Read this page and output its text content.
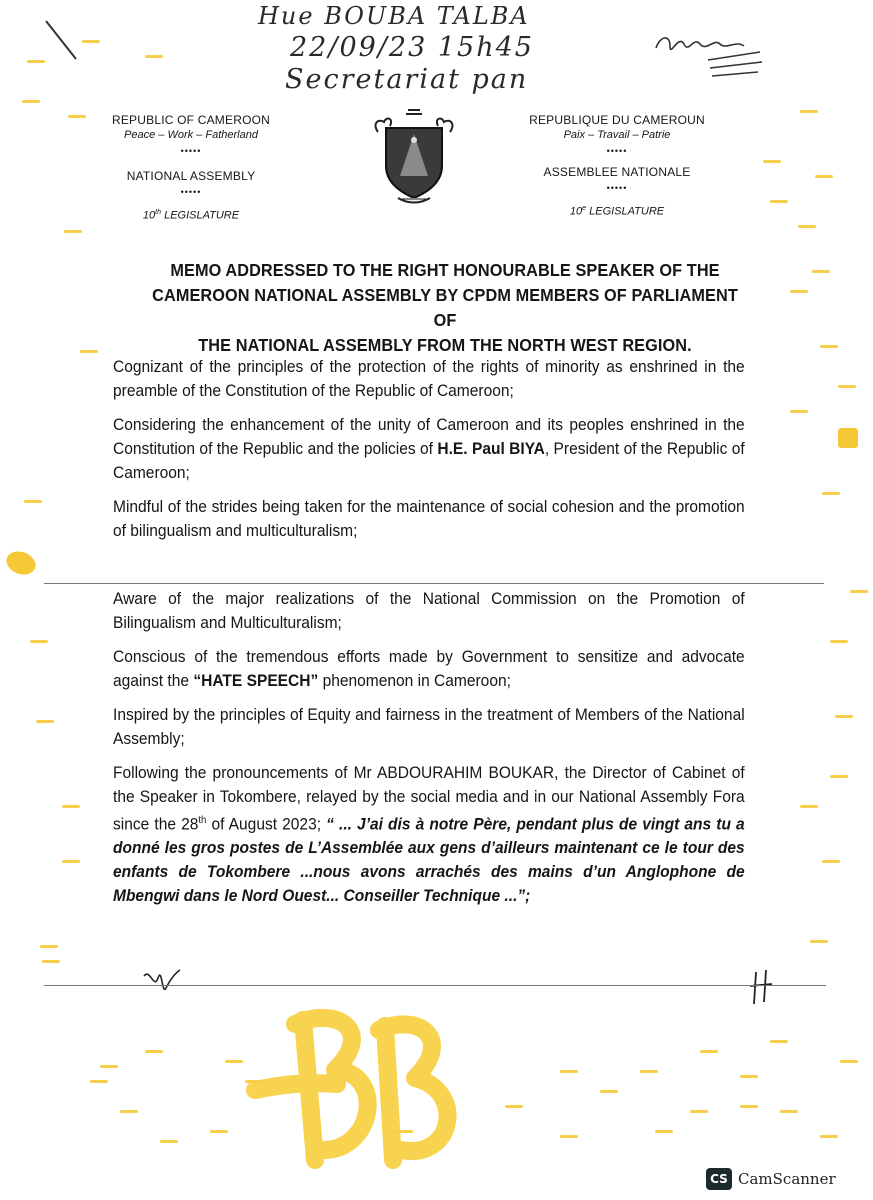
Hue BOUBA TALBA
22/09/23 15h45
Secretariat pan
REPUBLIC OF CAMEROON
Peace – Work – Fatherland
•••••
NATIONAL ASSEMBLY
•••••
10th LEGISLATURE
REPUBLIQUE DU CAMEROUN
Paix – Travail – Patrie
•••••
ASSEMBLEE NATIONALE
•••••
10e LEGISLATURE
MEMO ADDRESSED TO THE RIGHT HONOURABLE SPEAKER OF THE
CAMEROON NATIONAL ASSEMBLY BY CPDM MEMBERS OF PARLIAMENT OF
THE NATIONAL ASSEMBLY FROM THE NORTH WEST REGION.

Cognizant of the principles of the protection of the rights of minority as enshrined in the preamble of the Constitution of the Republic of Cameroon;

Considering the enhancement of the unity of Cameroon and its peoples enshrined in the Constitution of the Republic and the policies of H.E. Paul BIYA, President of the Republic of Cameroon;

Mindful of the strides being taken for the maintenance of social cohesion and the promotion of bilingualism and multiculturalism;

Aware of the major realizations of the National Commission on the Promotion of Bilingualism and Multiculturalism;

Conscious of the tremendous efforts made by Government to sensitize and advocate against the “HATE SPEECH” phenomenon in Cameroon;

Inspired by the principles of Equity and fairness in the treatment of Members of the National Assembly;

Following the pronouncements of Mr ABDOURAHIM BOUKAR, the Director of Cabinet of the Speaker in Tokombere, relayed by the social media and in our National Assembly Fora since the 28th of August 2023; “ ... J’ai dis à notre Père, pendant plus de vingt ans tu a donné les gros postes de L’Assemblée aux gens d’ailleurs maintenant ce le tour des enfants de Tokombere ...nous avons arrachés des mains d’un Anglophone de Mbengwi dans le Nord Ouest... Conseiller Technique ...”;

CS CamScanner
